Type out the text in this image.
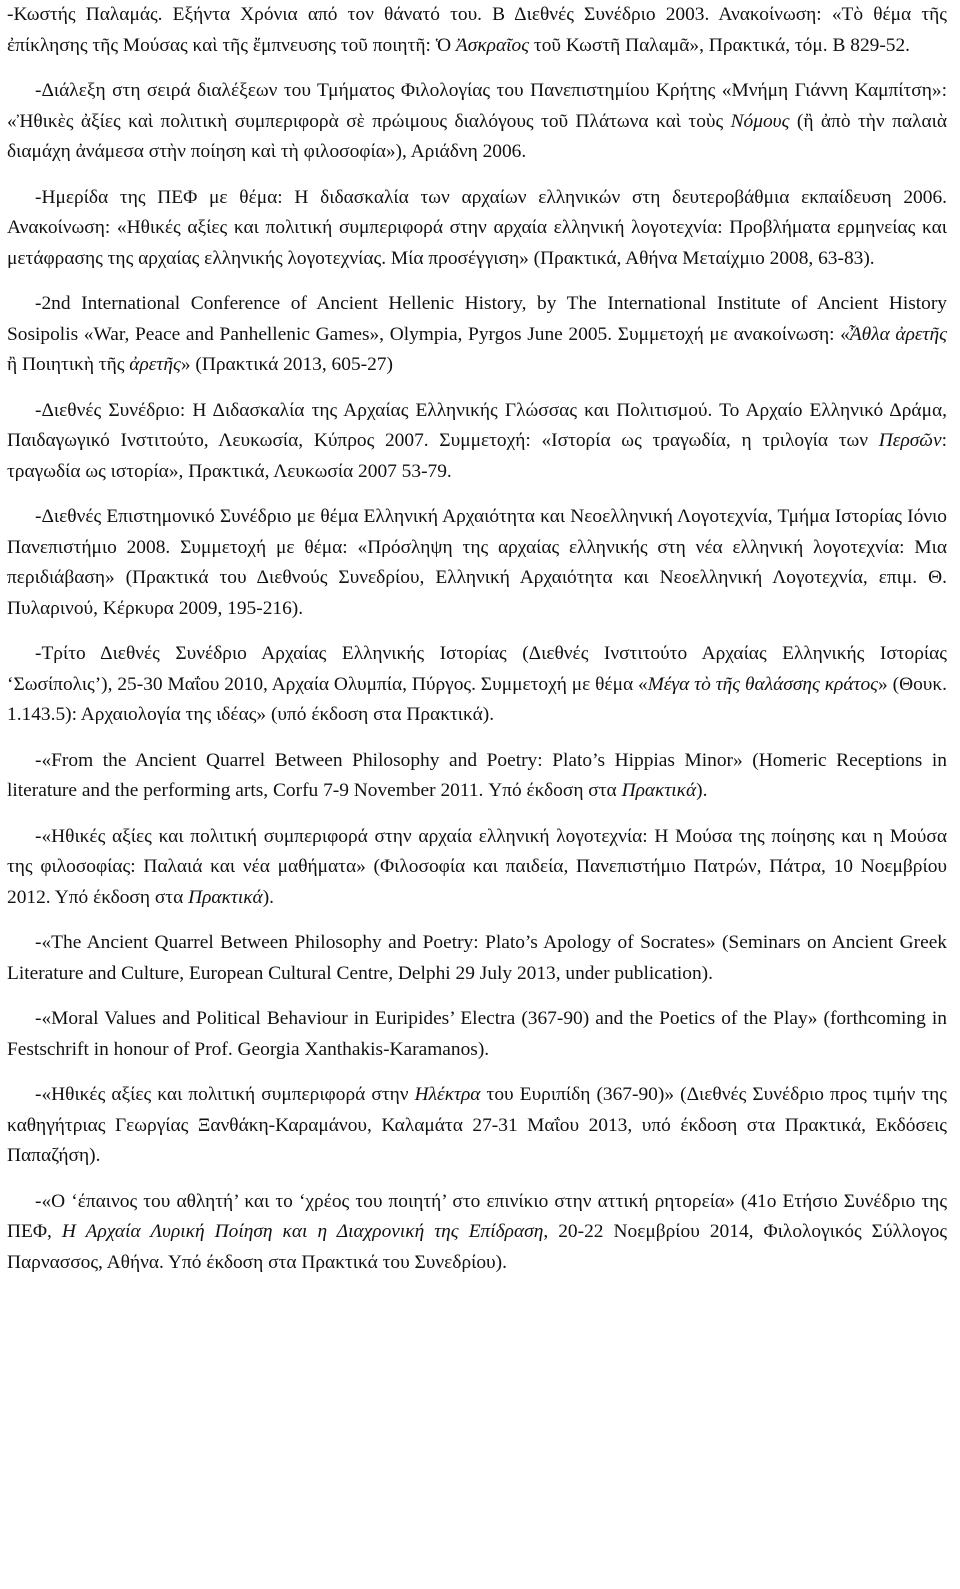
-Κωστής Παλαμάς. Εξήντα Χρόνια από τον θάνατό του. Β Διεθνές Συνέδριο 2003. Ανακοίνωση: «Τὸ θέμα τῆς ἐπίκλησης τῆς Μούσας καὶ τῆς ἔμπνευσης τοῦ ποιητῆ: Ὁ Ἀσκραῖος τοῦ Κωστῆ Παλαμᾶ», Πρακτικά, τόμ. Β 829-52.

-Διάλεξη στη σειρά διαλέξεων του Τμήματος Φιλολογίας του Πανεπιστημίου Κρήτης «Μνήμη Γιάννη Καμπίτση»: «Ἠθικὲς ἀξίες καὶ πολιτικὴ συμπεριφορὰ σὲ πρώιμους διαλόγους τοῦ Πλάτωνα καὶ τοὺς Νόμους (ἢ ἀπὸ τὴν παλαιὰ διαμάχη ἀνάμεσα στὴν ποίηση καὶ τὴ φιλοσοφία»), Αριάδνη 2006.

-Ημερίδα της ΠΕΦ με θέμα: Η διδασκαλία των αρχαίων ελληνικών στη δευτεροβάθμια εκπαίδευση 2006. Ανακοίνωση: «Ηθικές αξίες και πολιτική συμπεριφορά στην αρχαία ελληνική λογοτεχνία: Προβλήματα ερμηνείας και μετάφρασης της αρχαίας ελληνικής λογοτεχνίας. Μία προσέγγιση» (Πρακτικά, Αθήνα Μεταίχμιο 2008, 63-83).

-2nd International Conference of Ancient Hellenic History, by The International Institute of Ancient History Sosipolis «War, Peace and Panhellenic Games», Olympia, Pyrgos June 2005. Συμμετοχή με ανακοίνωση: «Ἆθλα ἀρετῆς ἢ Ποιητικὴ τῆς ἀρετῆς» (Πρακτικά 2013, 605-27)

-Διεθνές Συνέδριο: Η Διδασκαλία της Αρχαίας Ελληνικής Γλώσσας και Πολιτισμού. Το Αρχαίο Ελληνικό Δράμα, Παιδαγωγικό Ινστιτούτο, Λευκωσία, Κύπρος 2007. Συμμετοχή: «Ιστορία ως τραγωδία, η τριλογία των Περσῶν: τραγωδία ως ιστορία», Πρακτικά, Λευκωσία 2007 53-79.

-Διεθνές Επιστημονικό Συνέδριο με θέμα Ελληνική Αρχαιότητα και Νεοελληνική Λογοτεχνία, Τμήμα Ιστορίας Ιόνιο Πανεπιστήμιο 2008. Συμμετοχή με θέμα: «Πρόσληψη της αρχαίας ελληνικής στη νέα ελληνική λογοτεχνία: Μια περιδιάβαση» (Πρακτικά του Διεθνούς Συνεδρίου, Ελληνική Αρχαιότητα και Νεοελληνική Λογοτεχνία, επιμ. Θ. Πυλαρινού, Κέρκυρα 2009, 195-216).

-Τρίτο Διεθνές Συνέδριο Αρχαίας Ελληνικής Ιστορίας (Διεθνές Ινστιτούτο Αρχαίας Ελληνικής Ιστορίας ‘Σωσίπολις’), 25-30 Μαΐου 2010, Αρχαία Ολυμπία, Πύργος. Συμμετοχή με θέμα «Μέγα τὸ τῆς θαλάσσης κράτος» (Θουκ. 1.143.5): Αρχαιολογία της ιδέας» (υπό έκδοση στα Πρακτικά).

-«From the Ancient Quarrel Between Philosophy and Poetry: Plato’s Hippias Minor» (Homeric Receptions in literature and the performing arts, Corfu 7-9 November 2011. Υπό έκδοση στα Πρακτικά).

-«Ηθικές αξίες και πολιτική συμπεριφορά στην αρχαία ελληνική λογοτεχνία: Η Μούσα της ποίησης και η Μούσα της φιλοσοφίας: Παλαιά και νέα μαθήματα» (Φιλοσοφία και παιδεία, Πανεπιστήμιο Πατρών, Πάτρα, 10 Νοεμβρίου 2012. Υπό έκδοση στα Πρακτικά).

-«The Ancient Quarrel Between Philosophy and Poetry: Plato’s Apology of Socrates» (Seminars on Ancient Greek Literature and Culture, European Cultural Centre, Delphi 29 July 2013, under publication).

-«Moral Values and Political Behaviour in Euripides’ Electra (367-90) and the Poetics of the Play» (forthcoming in Festschrift in honour of Prof. Georgia Xanthakis-Karamanos).

-«Ηθικές αξίες και πολιτική συμπεριφορά στην Ηλέκτρα του Ευριπίδη (367-90)» (Διεθνές Συνέδριο προς τιμήν της καθηγήτριας Γεωργίας Ξανθάκη-Καραμάνου, Καλαμάτα 27-31 Μαΐου 2013, υπό έκδοση στα Πρακτικά, Εκδόσεις Παπαζήση).

-«Ο ‘έπαινος του αθλητή’ και το ‘χρέος του ποιητή’ στο επινίκιο στην αττική ρητορεία» (41ο Ετήσιο Συνέδριο της ΠΕΦ, Η Αρχαία Λυρική Ποίηση και η Διαχρονική της Επίδραση, 20-22 Νοεμβρίου 2014, Φιλολογικός Σύλλογος Παρνασσος, Αθήνα. Υπό έκδοση στα Πρακτικά του Συνεδρίου).
